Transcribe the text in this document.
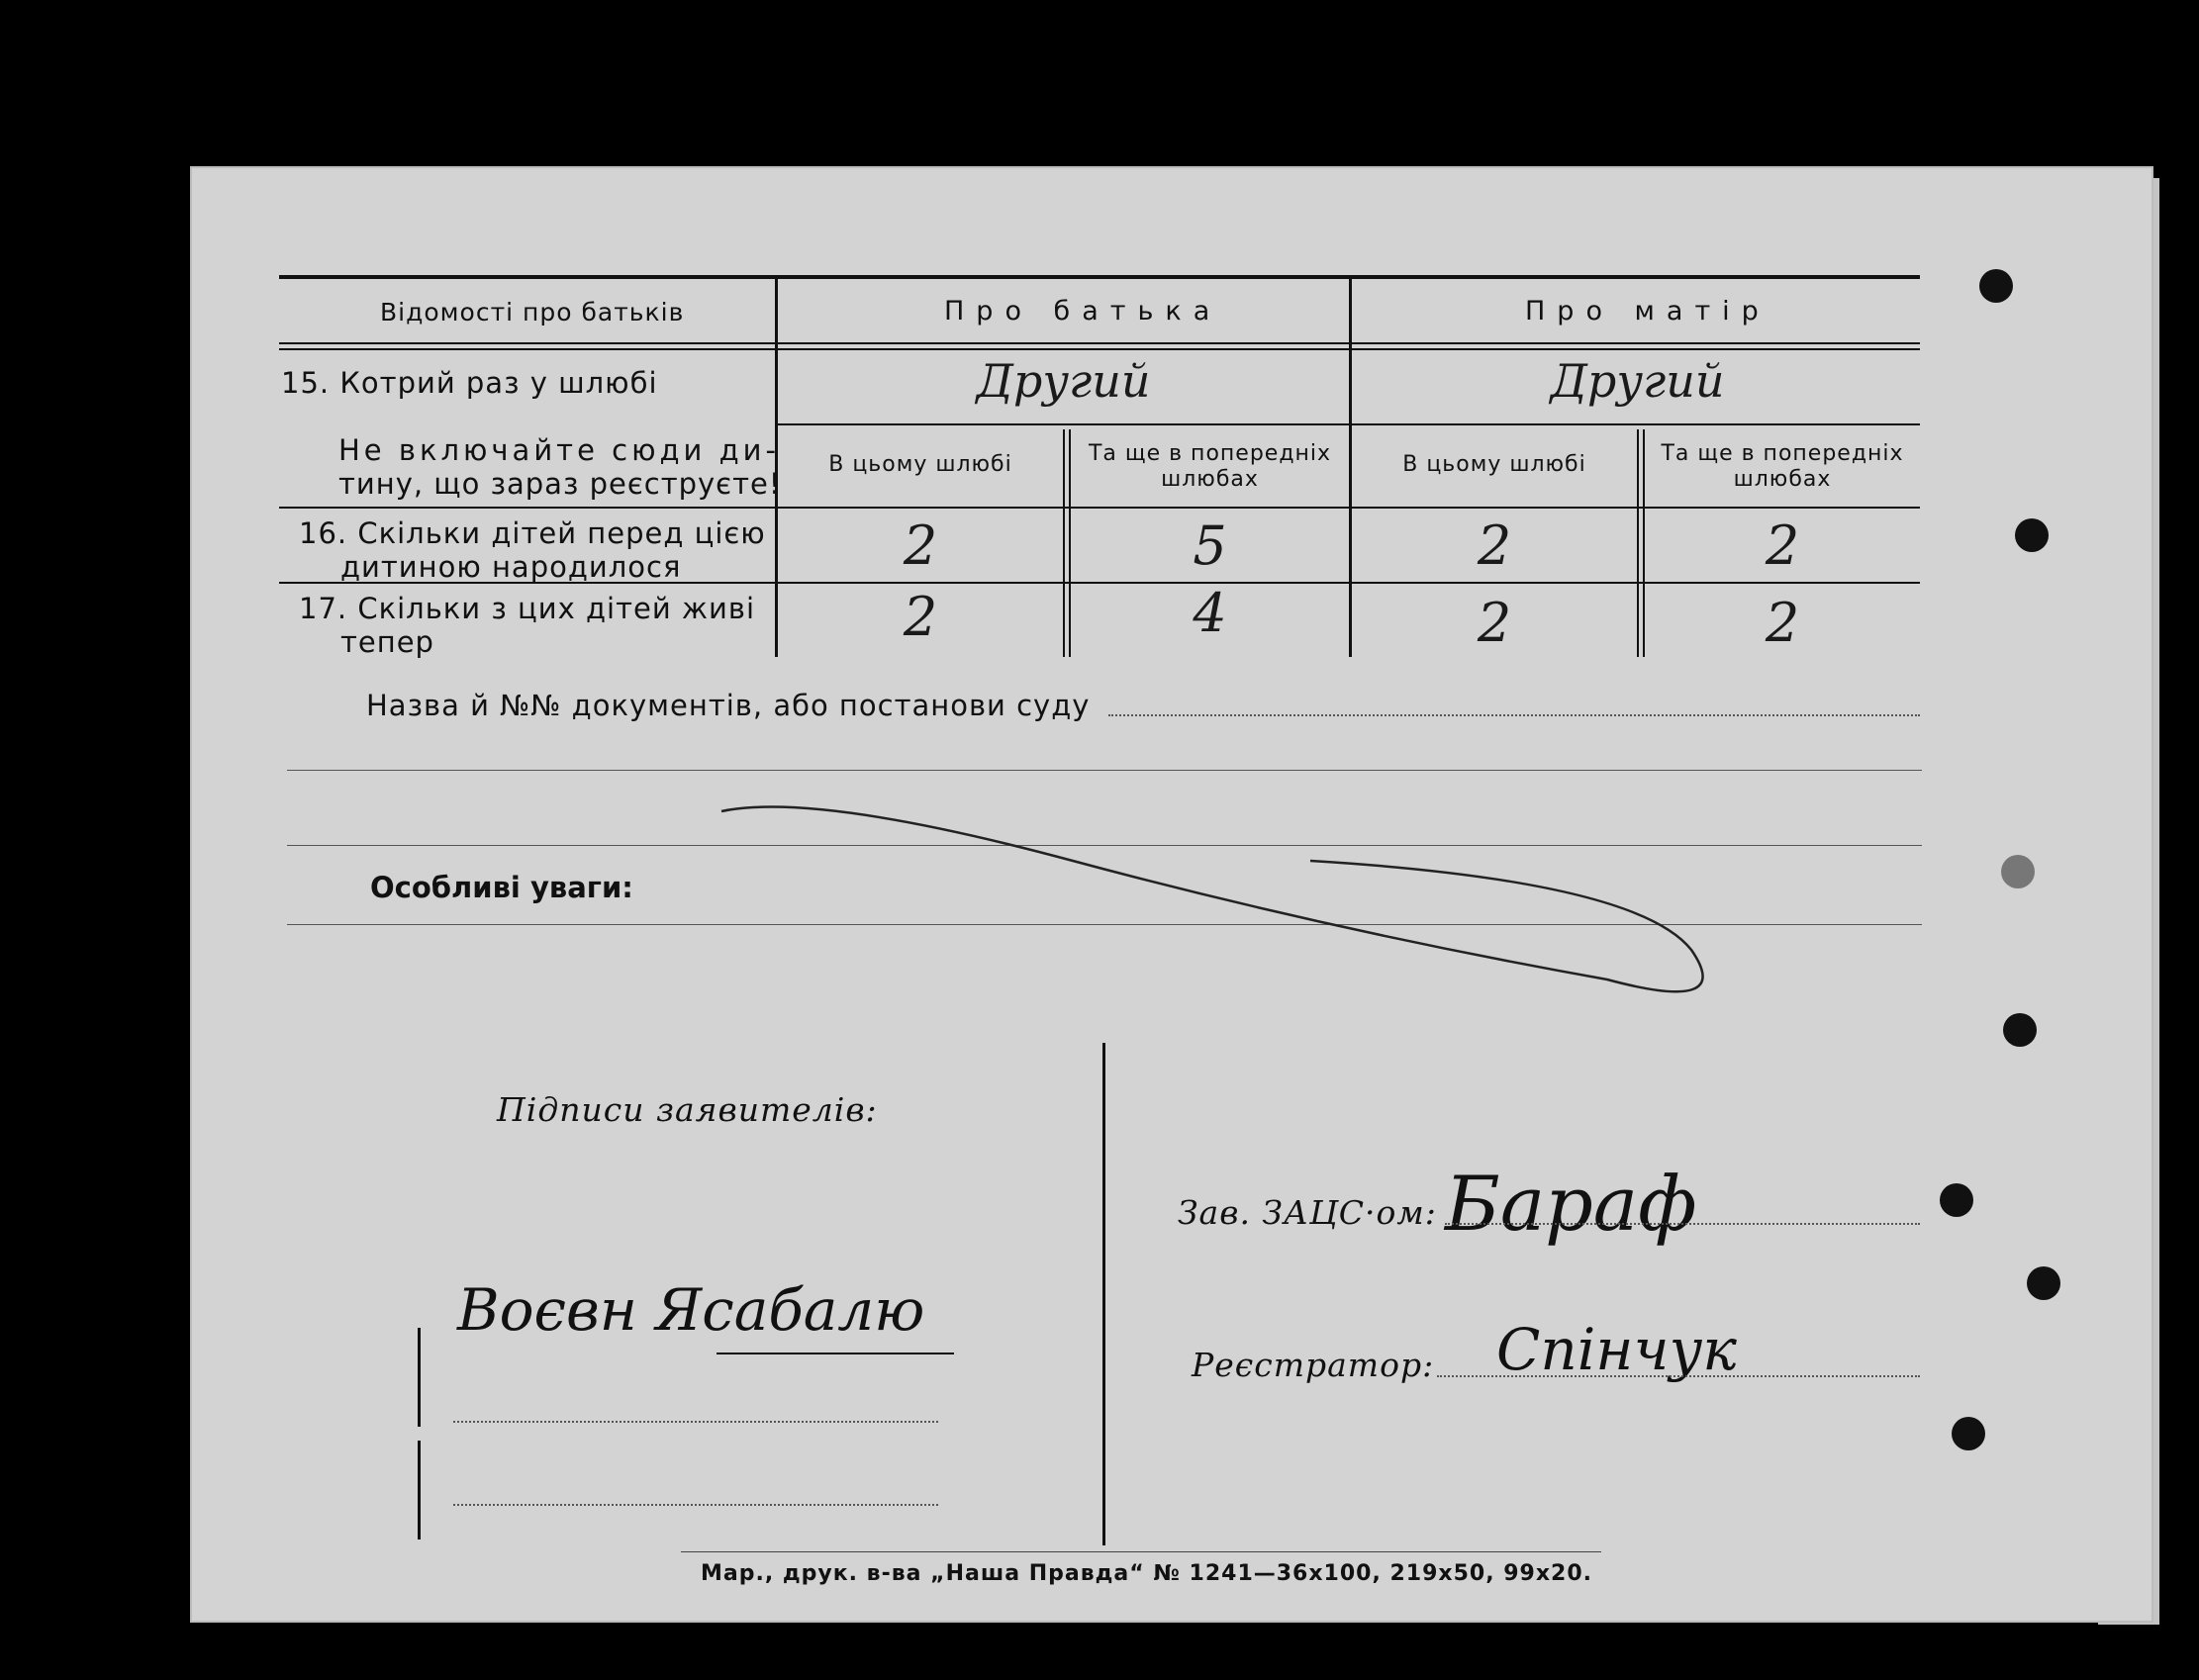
Відомості про батьків	Про батька	Про матір
15. Котрий раз у шлюбі	Другий	Другий
Не включайте сюди ди-
тину, що зараз реєструєте!
В цьому шлюбі	Та ще в попередніх шлюбах
В цьому шлюбі	Та ще в попередніх шлюбах
16. Скільки дітей перед цією
дитиною народилося	2	5	2	2
17. Скільки з цих дітей живі
тепер	2	4	2	2
Назва й №№ документів, або постанови суду
Особливі уваги:
Підписи заявителів:
Воєвн Ясабалю
Зав. ЗАЦС·ом: Бараф
Реєстратор: Спінчук
Мар., друк. в-ва „Наша Правда“ № 1241—36х100, 219х50, 99х20.
